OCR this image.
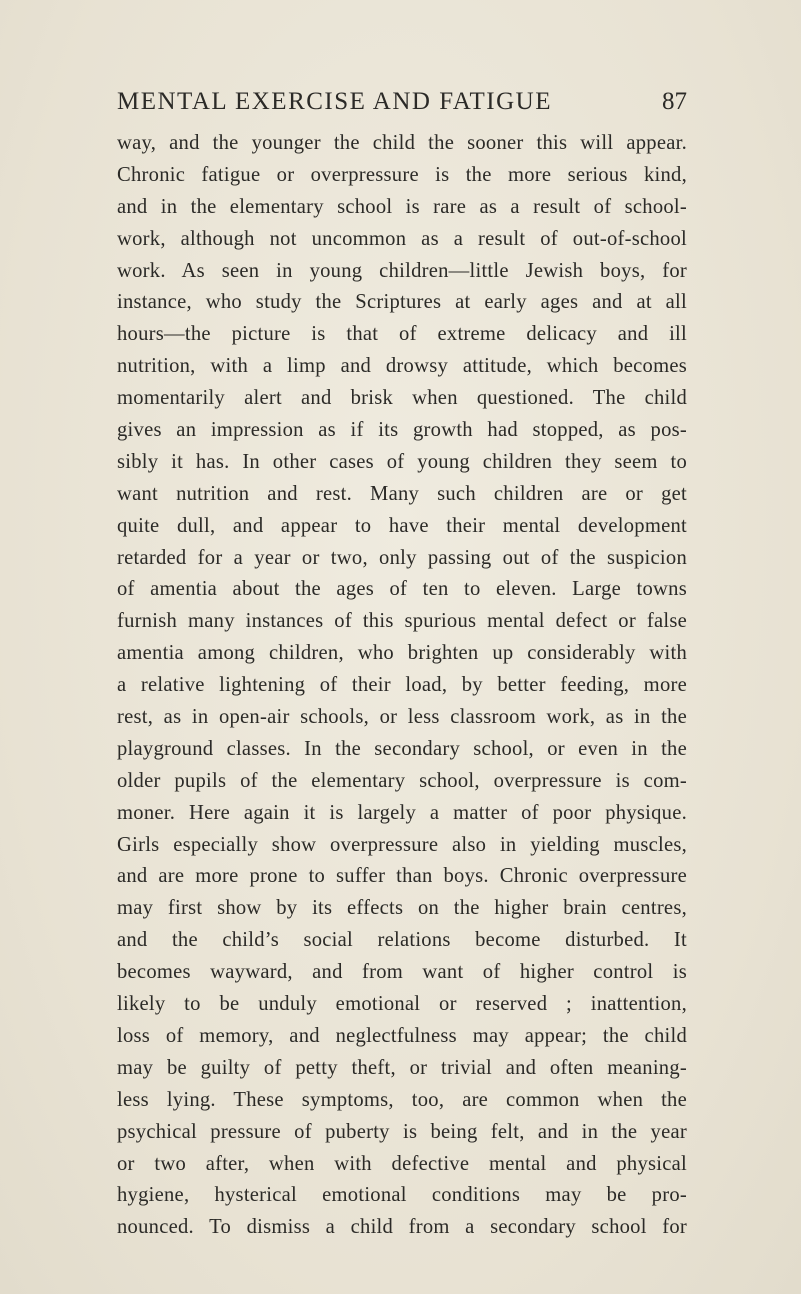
MENTAL EXERCISE AND FATIGUE	87
way, and the younger the child the sooner this will appear.
Chronic fatigue or overpressure is the more serious kind,
and in the elementary school is rare as a result of school-
work, although not uncommon as a result of out-of-school
work. As seen in young children—little Jewish boys, for
instance, who study the Scriptures at early ages and at all
hours—the picture is that of extreme delicacy and ill
nutrition, with a limp and drowsy attitude, which becomes
momentarily alert and brisk when questioned. The child
gives an impression as if its growth had stopped, as pos-
sibly it has. In other cases of young children they seem to
want nutrition and rest. Many such children are or get
quite dull, and appear to have their mental development
retarded for a year or two, only passing out of the suspicion
of amentia about the ages of ten to eleven. Large towns
furnish many instances of this spurious mental defect or false
amentia among children, who brighten up considerably with
a relative lightening of their load, by better feeding, more
rest, as in open-air schools, or less classroom work, as in the
playground classes. In the secondary school, or even in the
older pupils of the elementary school, overpressure is com-
moner. Here again it is largely a matter of poor physique.
Girls especially show overpressure also in yielding muscles,
and are more prone to suffer than boys. Chronic overpressure
may first show by its effects on the higher brain centres,
and the child’s social relations become disturbed. It
becomes wayward, and from want of higher control is
likely to be unduly emotional or reserved ; inattention,
loss of memory, and neglectfulness may appear; the child
may be guilty of petty theft, or trivial and often meaning-
less lying. These symptoms, too, are common when the
psychical pressure of puberty is being felt, and in the year
or two after, when with defective mental and physical
hygiene, hysterical emotional conditions may be pro-
nounced. To dismiss a child from a secondary school for
